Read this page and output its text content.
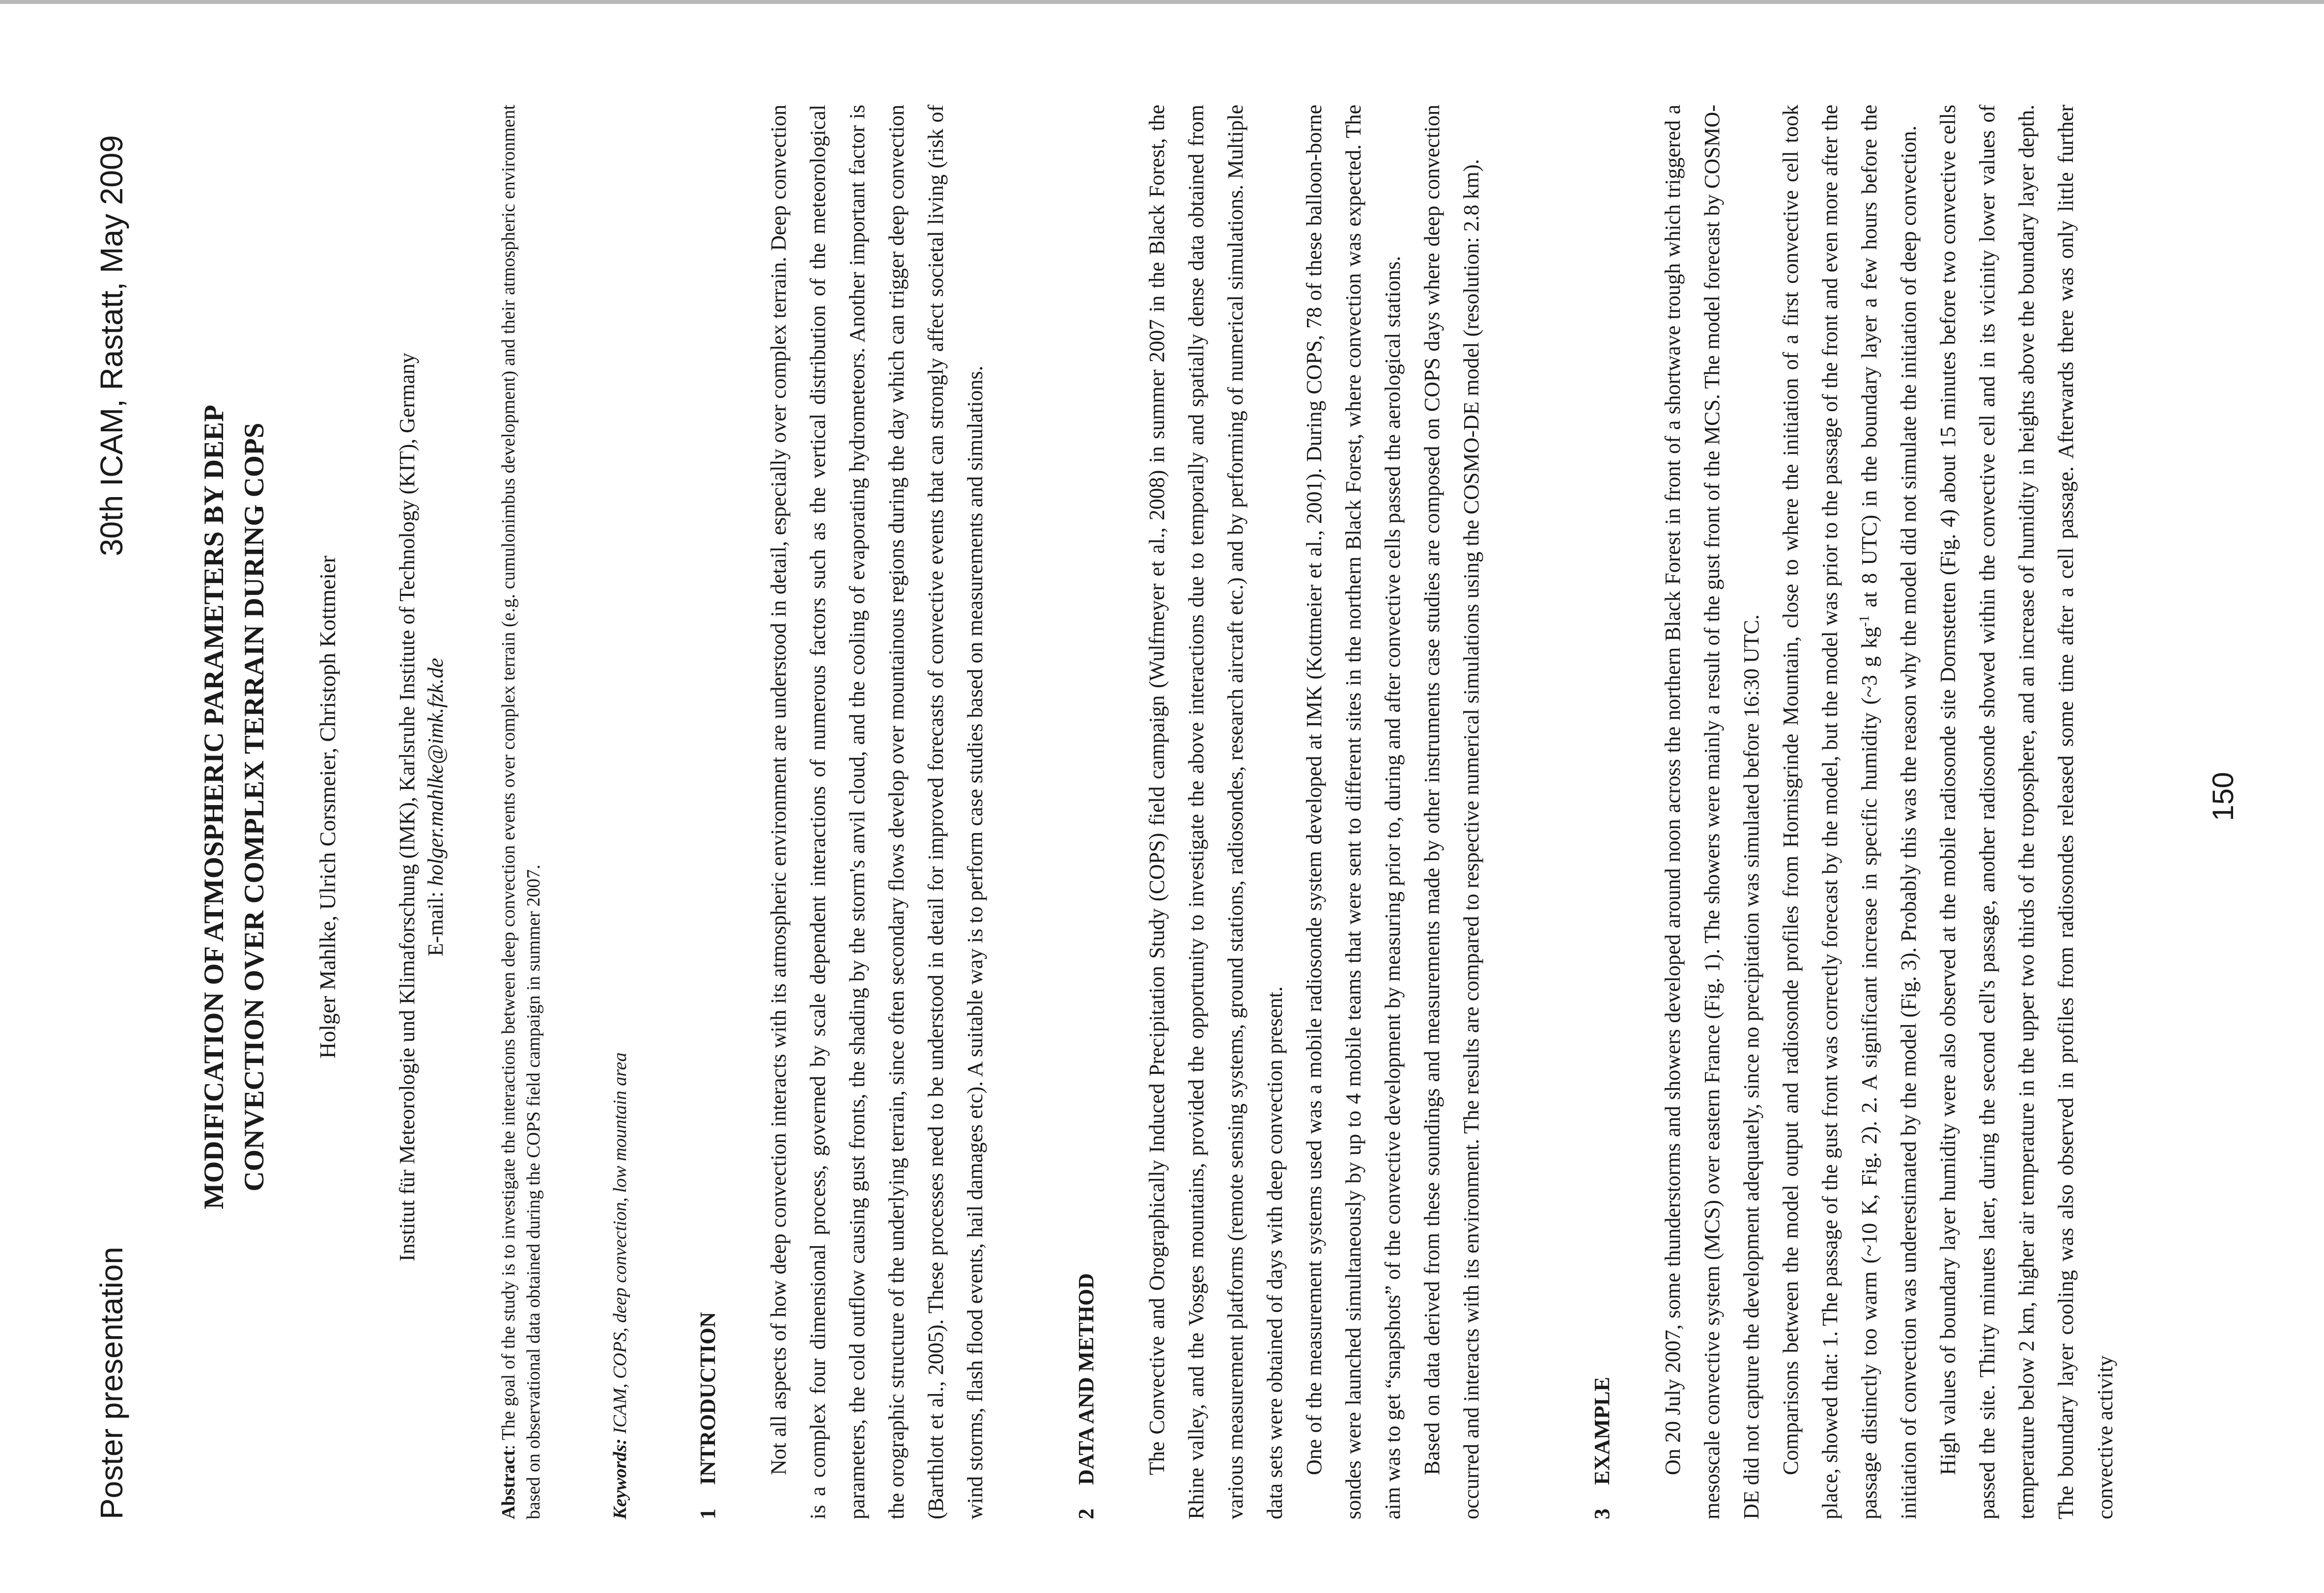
Poster presentation
30th ICAM, Rastatt, May 2009
MODIFICATION OF ATMOSPHERIC PARAMETERS BY DEEP CONVECTION OVER COMPLEX TERRAIN DURING COPS Holger Mahlke, Ulrich Corsmeier, Christoph Kottmeier	Institut für Meteorologie und Klimaforschung (IMK), Karlsruhe Institute of Technology (KIT), Germany E-mail: holger.mahlke@imk.fzk.de
Abstract: The goal of the study is to investigate the interactions between deep convection events over complex terrain (e.g. cumulonimbus development) and their atmospheric environment based on observational data obtained during the COPS field campaign in summer 2007.	Keywords: ICAM, COPS, deep convection, low mountain area
1INTRODUCTION	Not all aspects of how deep convection interacts with its atmospheric environment are understood in detail, especially over complex terrain. Deep convection is a complex four dimensional process, governed by scale dependent interactions of numerous factors such as the vertical distribution of the meteorological parameters, the cold outflow causing gust fronts, the shading by the storm's anvil cloud, and the cooling of evaporating hydrometeors. Another important factor is the orographic structure of the underlying terrain, since often secondary flows develop over mountainous regions during the day which can trigger deep convection (Barthlott et al., 2005). These processes need to be understood in detail for improved forecasts of convective events that can strongly affect societal living (risk of wind storms, flash flood events, hail damages etc). A suitable way is to perform case studies based on measurements and simulations.	2DATA AND METHOD	The Convective and Orographically Induced Precipitation Study (COPS) field campaign (Wulfmeyer et al., 2008) in summer 2007 in the Black Forest, the Rhine valley, and the Vosges mountains, provided the opportunity to investigate the above interactions due to temporally and spatially dense data obtained from various measurement platforms (remote sensing systems, ground stations, radiosondes, research aircraft etc.) and by performing of numerical simulations. Multiple data sets were obtained of days with deep convection present. One of the measurement systems used was a mobile radiosonde system developed at IMK (Kottmeier et al., 2001). During COPS, 78 of these balloon-borne sondes were launched simultaneously by up to 4 mobile teams that were sent to different sites in the northern Black Forest, where convection was expected. The aim was to get “snapshots” of the convective development by measuring prior to, during and after convective cells passed the aerological stations. Based on data derived from these soundings and measurements made by other instruments case studies are composed on COPS days where deep convection occurred and interacts with its environment. The results are compared to respective numerical simulations using the COSMO-DE model (resolution: 2.8 km).	3EXAMPLE	On 20 July 2007, some thunderstorms and showers developed around noon across the northern Black Forest in front of a shortwave trough which triggered a mesoscale convective system (MCS) over eastern France (Fig. 1). The showers were mainly a result of the gust front of the MCS. The model forecast by COSMO-DE did not capture the development adequately, since no precipitation was simulated before 16:30 UTC. Comparisons between the model output and radiosonde profiles from Hornisgrinde Mountain, close to where the initiation of a first convective cell took place, showed that: 1. The passage of the gust front was correctly forecast by the model, but the model was prior to the passage of the front and even more after the passage distinctly too warm (~10 K, Fig. 2). 2. A significant increase in specific humidity (~3 g $kg^{-1}$ at 8 UTC) in the boundary layer a few hours before the initiation of convection was underestimated by the model (Fig. 3). Probably this was the reason why the model did not simulate the initiation of deep convection. High values of boundary layer humidity were also observed at the mobile radiosonde site Dornstetten (Fig. 4) about 15 minutes before two convective cells passed the site. Thirty minutes later, during the second cell's passage, another radiosonde showed within the convective cell and in its vicinity lower values of temperature below 2 km, higher air temperature in the upper two thirds of the troposphere, and an increase of humidity in heights above the boundary layer depth. The boundary layer cooling was also observed in profiles from radiosondes released some time after a cell passage. Afterwards there was only little further convective activity

150
